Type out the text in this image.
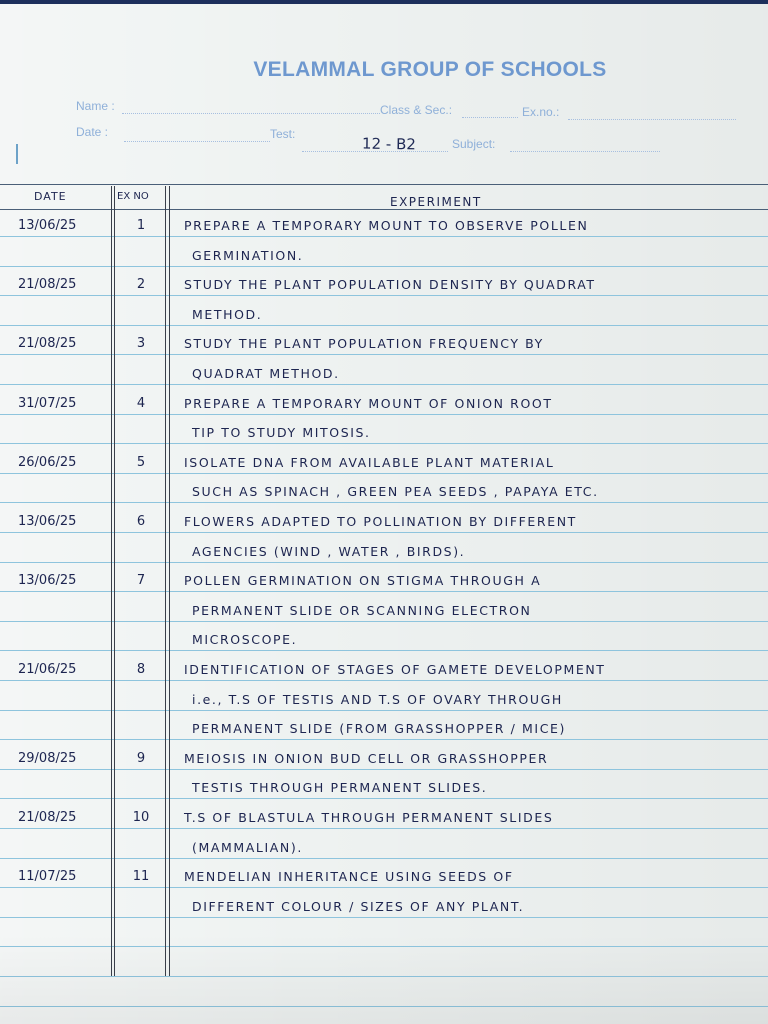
VELAMMAL GROUP OF SCHOOLS
Name :	Class & Sec.:	Ex.no.:
Date :	Test:
12 - B2	Subject:
DATE	EX NO	EXPERIMENT
13/06/25	1	PREPARE A TEMPORARY MOUNT TO OBSERVE POLLEN
GERMINATION.
21/08/25	2	STUDY THE PLANT POPULATION DENSITY BY QUADRAT
METHOD.
21/08/25	3	STUDY THE PLANT POPULATION FREQUENCY BY
QUADRAT METHOD.
31/07/25	4	PREPARE A TEMPORARY MOUNT OF ONION ROOT
TIP TO STUDY MITOSIS.
26/06/25	5	ISOLATE DNA FROM AVAILABLE PLANT MATERIAL
SUCH AS SPINACH , GREEN PEA SEEDS , PAPAYA ETC.
13/06/25	6	FLOWERS ADAPTED TO POLLINATION BY DIFFERENT
AGENCIES (WIND , WATER , BIRDS).
13/06/25	7	POLLEN GERMINATION ON STIGMA THROUGH A
PERMANENT SLIDE OR SCANNING ELECTRON
MICROSCOPE.
21/06/25	8	IDENTIFICATION OF STAGES OF GAMETE DEVELOPMENT
i.e., T.S OF TESTIS AND T.S OF OVARY THROUGH
PERMANENT SLIDE (FROM GRASSHOPPER / MICE)
29/08/25	9	MEIOSIS IN ONION BUD CELL OR GRASSHOPPER
TESTIS THROUGH PERMANENT SLIDES.
21/08/25	10	T.S OF BLASTULA THROUGH PERMANENT SLIDES
(MAMMALIAN).
11/07/25	11	MENDELIAN INHERITANCE USING SEEDS OF
DIFFERENT COLOUR / SIZES OF ANY PLANT.
